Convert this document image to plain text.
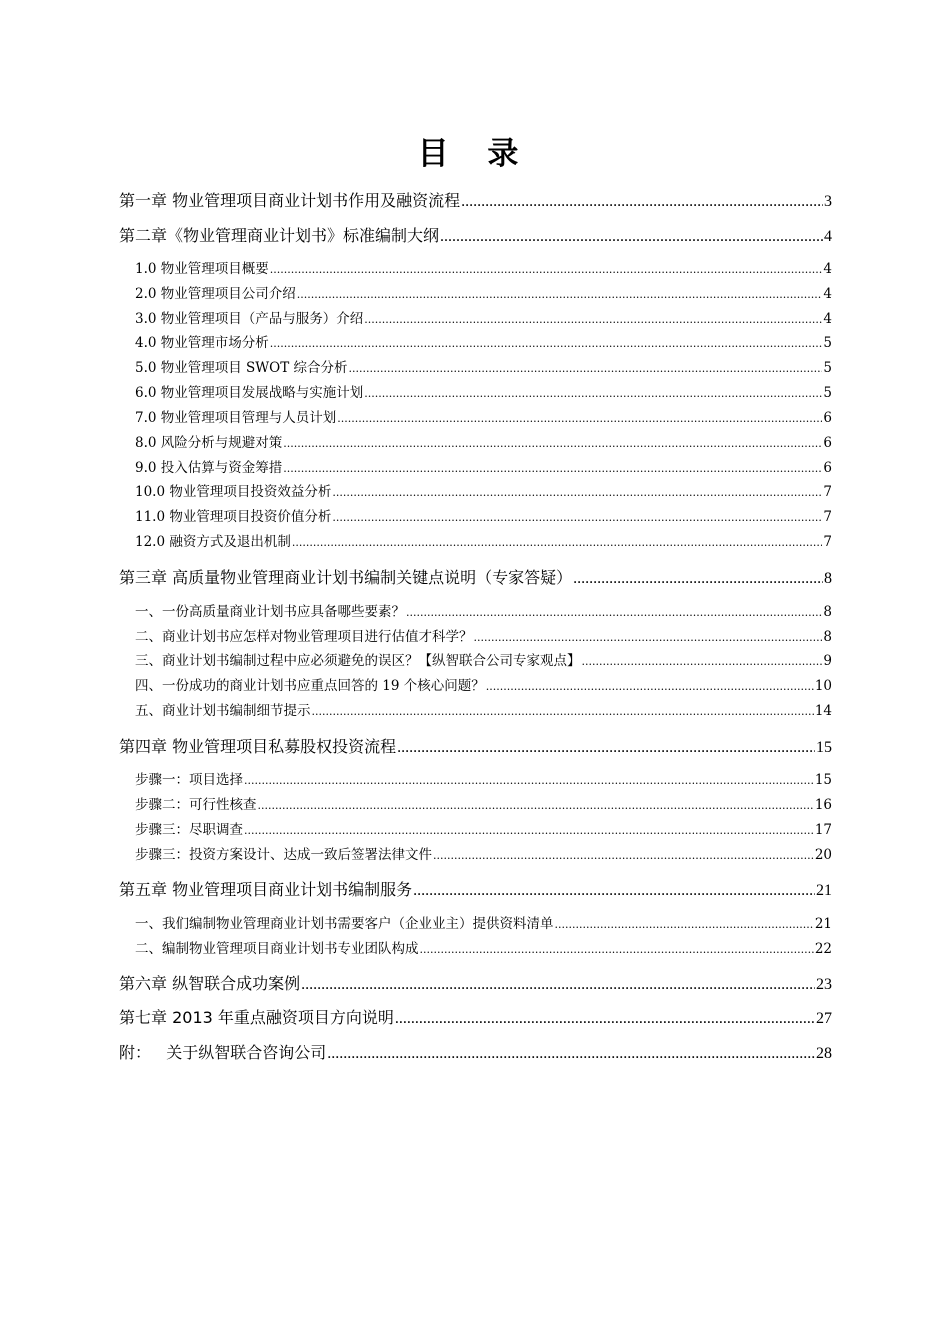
目 录
第一章 物业管理项目商业计划书作用及融资流程 .....	3
第二章《物业管理商业计划书》标准编制大纲 .....	4
1.0 物业管理项目概要 .....	4
2.0 物业管理项目公司介绍 .....	4
3.0 物业管理项目（产品与服务）介绍 .....	4
4.0 物业管理市场分析 .....	5
5.0 物业管理项目 SWOT 综合分析 .....	5
6.0 物业管理项目发展战略与实施计划 .....	5
7.0 物业管理项目管理与人员计划 .....	6
8.0 风险分析与规避对策 .....	6
9.0 投入估算与资金筹措 .....	6
10.0 物业管理项目投资效益分析 .....	7
11.0 物业管理项目投资价值分析 .....	7
12.0 融资方式及退出机制 .....	7
第三章 高质量物业管理商业计划书编制关键点说明（专家答疑） .....	8
一、一份高质量商业计划书应具备哪些要素？ .....	8
二、商业计划书应怎样对物业管理项目进行估值才科学？ .....	8
三、商业计划书编制过程中应必须避免的误区？【纵智联合公司专家观点】 .....	9
四、一份成功的商业计划书应重点回答的 19 个核心问题？ .....	10
五、商业计划书编制细节提示 .....	14
第四章 物业管理项目私募股权投资流程 .....	15
步骤一：项目选择 .....	15
步骤二：可行性核查 .....	16
步骤三：尽职调查 .....	17
步骤三：投资方案设计、达成一致后签署法律文件 .....	20
第五章 物业管理项目商业计划书编制服务 .....	21
一、我们编制物业管理商业计划书需要客户（企业业主）提供资料清单 .....	21
二、编制物业管理项目商业计划书专业团队构成 .....	22
第六章 纵智联合成功案例 .....	23
第七章 2013 年重点融资项目方向说明 .....	27
附：   关于纵智联合咨询公司 .....	28
